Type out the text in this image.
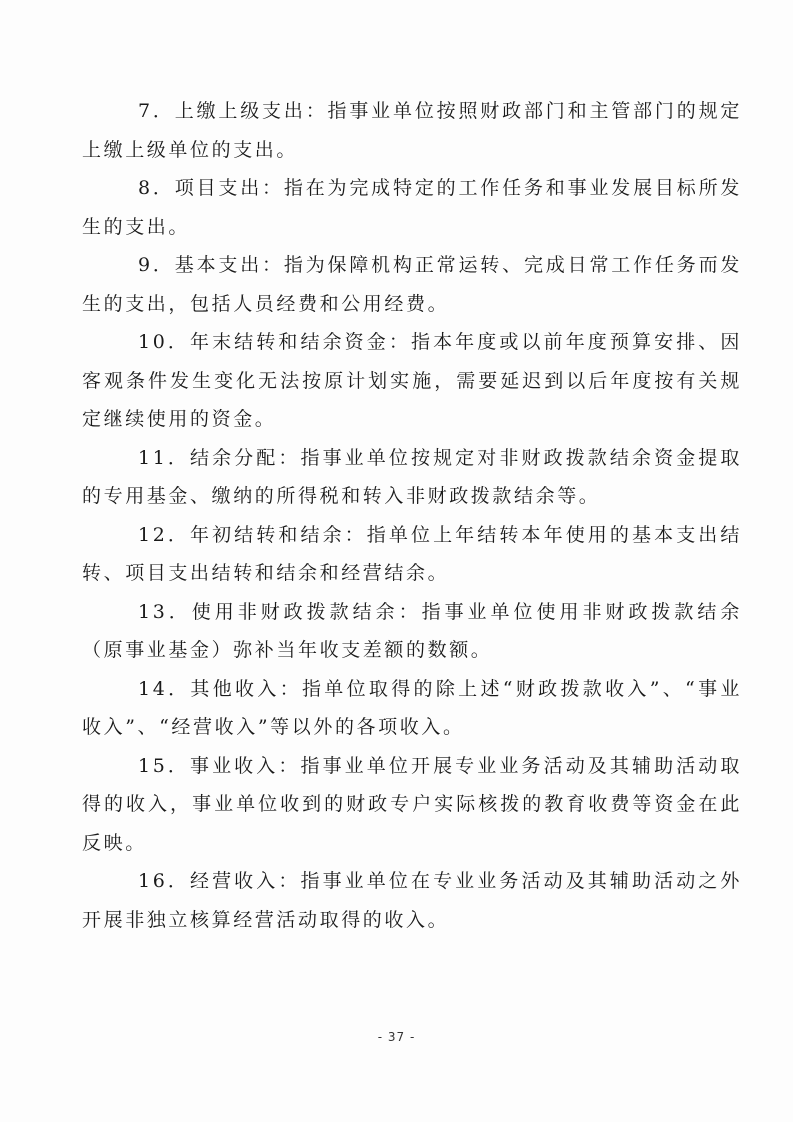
7．上缴上级支出：指事业单位按照财政部门和主管部门的规定上缴上级单位的支出。

8．项目支出：指在为完成特定的工作任务和事业发展目标所发生的支出。

9．基本支出：指为保障机构正常运转、完成日常工作任务而发生的支出，包括人员经费和公用经费。

10．年末结转和结余资金：指本年度或以前年度预算安排、因客观条件发生变化无法按原计划实施，需要延迟到以后年度按有关规定继续使用的资金。

11．结余分配：指事业单位按规定对非财政拨款结余资金提取的专用基金、缴纳的所得税和转入非财政拨款结余等。

12．年初结转和结余：指单位上年结转本年使用的基本支出结转、项目支出结转和结余和经营结余。

13．使用非财政拨款结余：指事业单位使用非财政拨款结余（原事业基金）弥补当年收支差额的数额。

14．其他收入：指单位取得的除上述“财政拨款收入”、“事业收入”、“经营收入”等以外的各项收入。

15．事业收入：指事业单位开展专业业务活动及其辅助活动取得的收入，事业单位收到的财政专户实际核拨的教育收费等资金在此反映。

16．经营收入：指事业单位在专业业务活动及其辅助活动之外开展非独立核算经营活动取得的收入。

- 37 -
